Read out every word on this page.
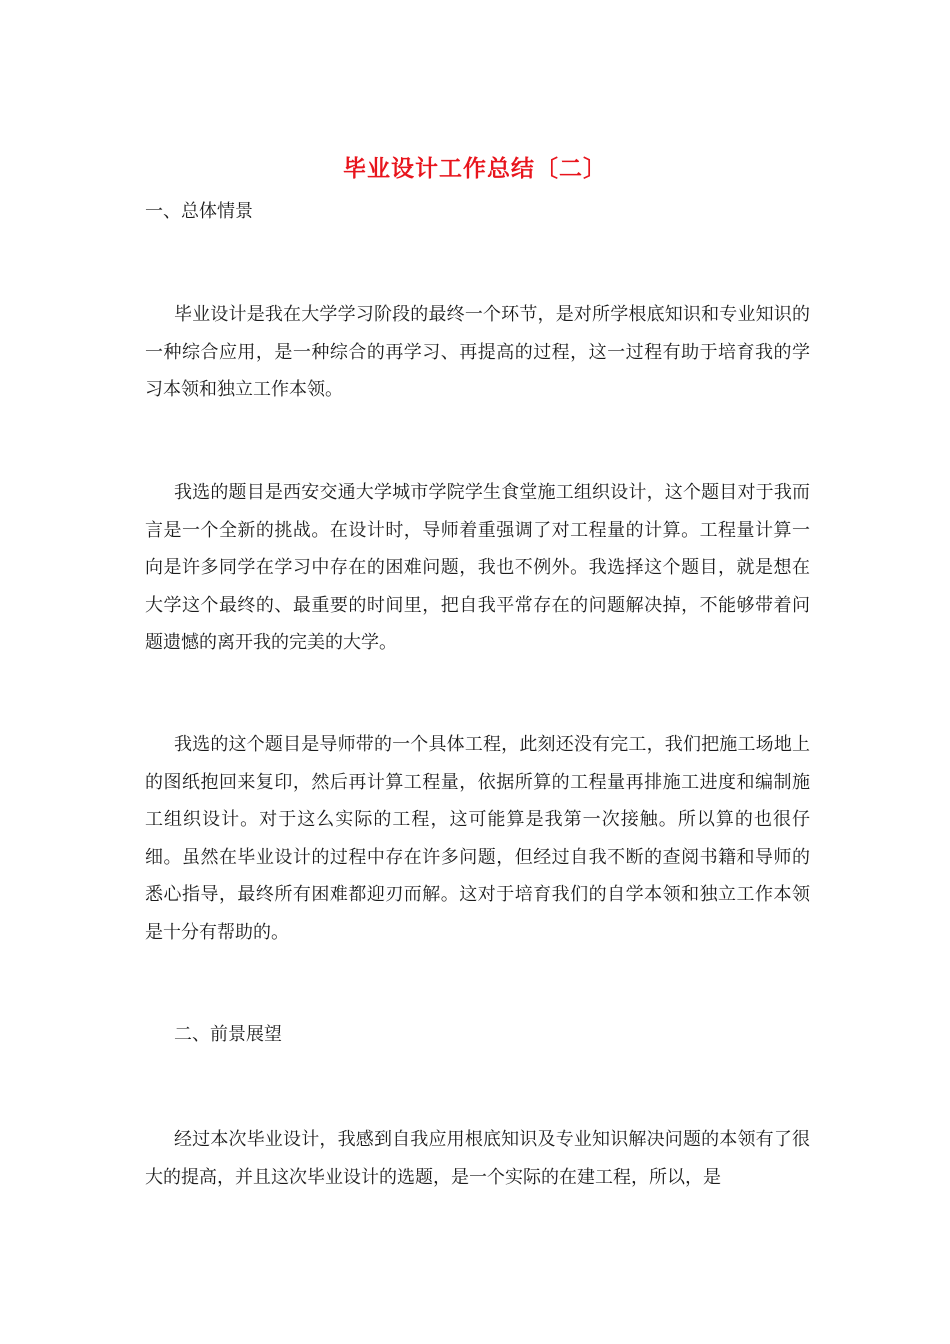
毕业设计工作总结〔二〕
一、总体情景
毕业设计是我在大学学习阶段的最终一个环节，是对所学根底知识和专业知识的一种综合应用，是一种综合的再学习、再提高的过程，这一过程有助于培育我的学习本领和独立工作本领。
我选的题目是西安交通大学城市学院学生食堂施工组织设计，这个题目对于我而言是一个全新的挑战。在设计时，导师着重强调了对工程量的计算。工程量计算一向是许多同学在学习中存在的困难问题，我也不例外。我选择这个题目，就是想在大学这个最终的、最重要的时间里，把自我平常存在的问题解决掉，不能够带着问题遗憾的离开我的完美的大学。
我选的这个题目是导师带的一个具体工程，此刻还没有完工，我们把施工场地上的图纸抱回来复印，然后再计算工程量，依据所算的工程量再排施工进度和编制施工组织设计。对于这么实际的工程，这可能算是我第一次接触。所以算的也很仔细。虽然在毕业设计的过程中存在许多问题，但经过自我不断的查阅书籍和导师的悉心指导，最终所有困难都迎刃而解。这对于培育我们的自学本领和独立工作本领是十分有帮助的。
二、前景展望
经过本次毕业设计，我感到自我应用根底知识及专业知识解决问题的本领有了很大的提高，并且这次毕业设计的选题，是一个实际的在建工程，所以，是
